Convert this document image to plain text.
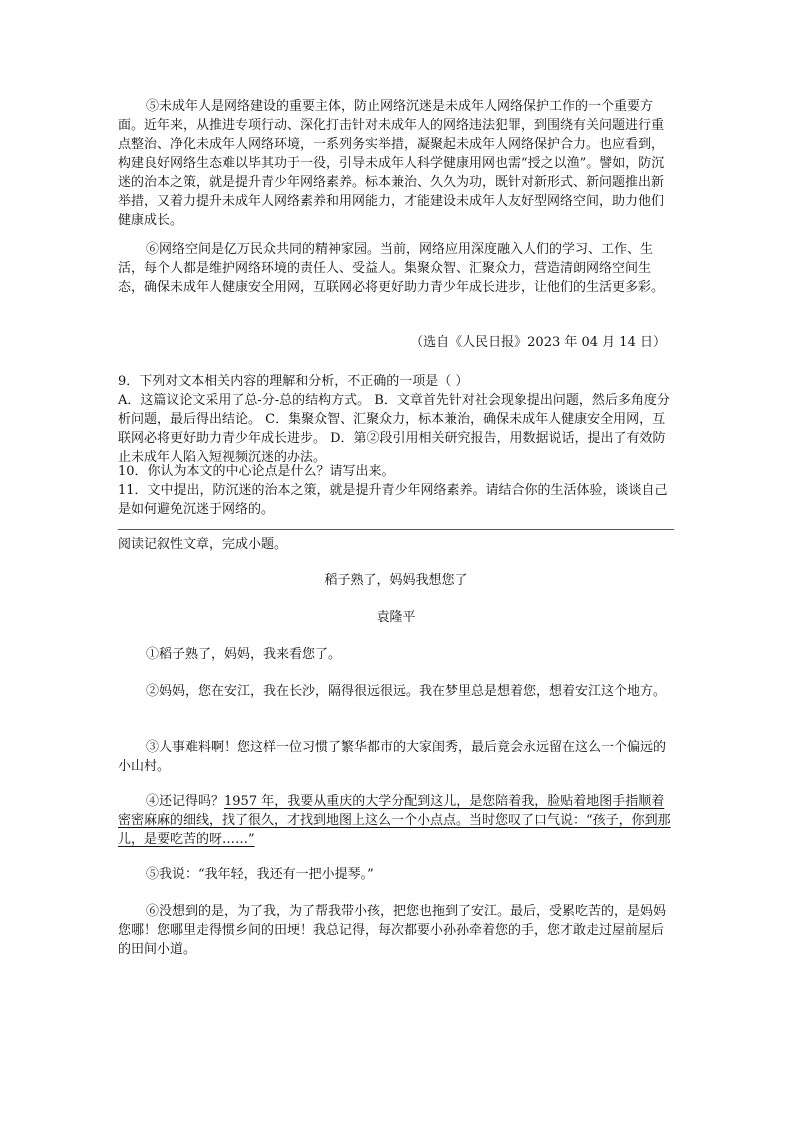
⑤未成年人是网络建设的重要主体，防止网络沉迷是未成年人网络保护工作的一个重要方面。近年来，从推进专项行动、深化打击针对未成年人的网络违法犯罪，到围绕有关问题进行重点整治、净化未成年人网络环境，一系列务实举措，凝聚起未成年人网络保护合力。也应看到，构建良好网络生态难以毕其功于一役，引导未成年人科学健康用网也需“授之以渔”。譬如，防沉迷的治本之策，就是提升青少年网络素养。标本兼治、久久为功，既针对新形式、新问题推出新举措，又着力提升未成年人网络素养和用网能力，才能建设未成年人友好型网络空间，助力他们健康成长。

⑥网络空间是亿万民众共同的精神家园。当前，网络应用深度融入人们的学习、工作、生活，每个人都是维护网络环境的责任人、受益人。集聚众智、汇聚众力，营造清朗网络空间生态，确保未成年人健康安全用网，互联网必将更好助力青少年成长进步，让他们的生活更多彩。

（选自《人民日报》2023 年 04 月 14 日）

9．下列对文本相关内容的理解和分析，不正确的一项是（ ）

A．这篇议论文采用了总-分-总的结构方式。 B．文章首先针对社会现象提出问题，然后多角度分析问题，最后得出结论。 C．集聚众智、汇聚众力，标本兼治，确保未成年人健康安全用网，互联网必将更好助力青少年成长进步。 D．第②段引用相关研究报告，用数据说话，提出了有效防止未成年人陷入短视频沉迷的办法。

10．你认为本文的中心论点是什么？请写出来。

11．文中提出，防沉迷的治本之策，就是提升青少年网络素养。请结合你的生活体验，谈谈自己是如何避免沉迷于网络的。

阅读记叙性文章，完成小题。

稻子熟了，妈妈我想您了
袁隆平

①稻子熟了，妈妈，我来看您了。

②妈妈，您在安江，我在长沙，隔得很远很远。我在梦里总是想着您，想着安江这个地方。

③人事难料啊！您这样一位习惯了繁华都市的大家闺秀，最后竟会永远留在这么一个偏远的小山村。

④还记得吗？1957 年，我要从重庆的大学分配到这儿，是您陪着我，脸贴着地图手指顺着密密麻麻的细线，找了很久，才找到地图上这么一个小点点。当时您叹了口气说：“孩子，你到那儿，是要吃苦的呀……”

⑤我说：“我年轻，我还有一把小提琴。”

⑥没想到的是，为了我，为了帮我带小孩，把您也拖到了安江。最后，受累吃苦的，是妈妈您哪！您哪里走得惯乡间的田埂！我总记得，每次都要小孙孙牵着您的手，您才敢走过屋前屋后的田间小道。
